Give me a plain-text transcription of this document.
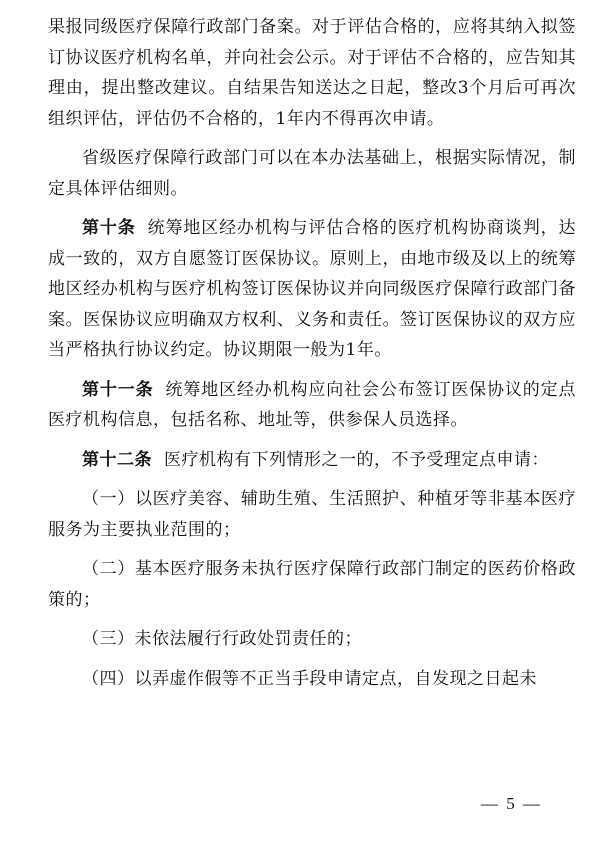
果报同级医疗保障行政部门备案。对于评估合格的，应将其纳入拟签订协议医疗机构名单，并向社会公示。对于评估不合格的，应告知其理由，提出整改建议。自结果告知送达之日起，整改3个月后可再次组织评估，评估仍不合格的，1年内不得再次申请。

省级医疗保障行政部门可以在本办法基础上，根据实际情况，制定具体评估细则。

第十条 统筹地区经办机构与评估合格的医疗机构协商谈判，达成一致的，双方自愿签订医保协议。原则上，由地市级及以上的统筹地区经办机构与医疗机构签订医保协议并向同级医疗保障行政部门备案。医保协议应明确双方权利、义务和责任。签订医保协议的双方应当严格执行协议约定。协议期限一般为1年。

第十一条 统筹地区经办机构应向社会公布签订医保协议的定点医疗机构信息，包括名称、地址等，供参保人员选择。

第十二条 医疗机构有下列情形之一的，不予受理定点申请：

（一）以医疗美容、辅助生殖、生活照护、种植牙等非基本医疗服务为主要执业范围的；

（二）基本医疗服务未执行医疗保障行政部门制定的医药价格政策的；

（三）未依法履行行政处罚责任的；

（四）以弄虚作假等不正当手段申请定点，自发现之日起未

— 5 —
